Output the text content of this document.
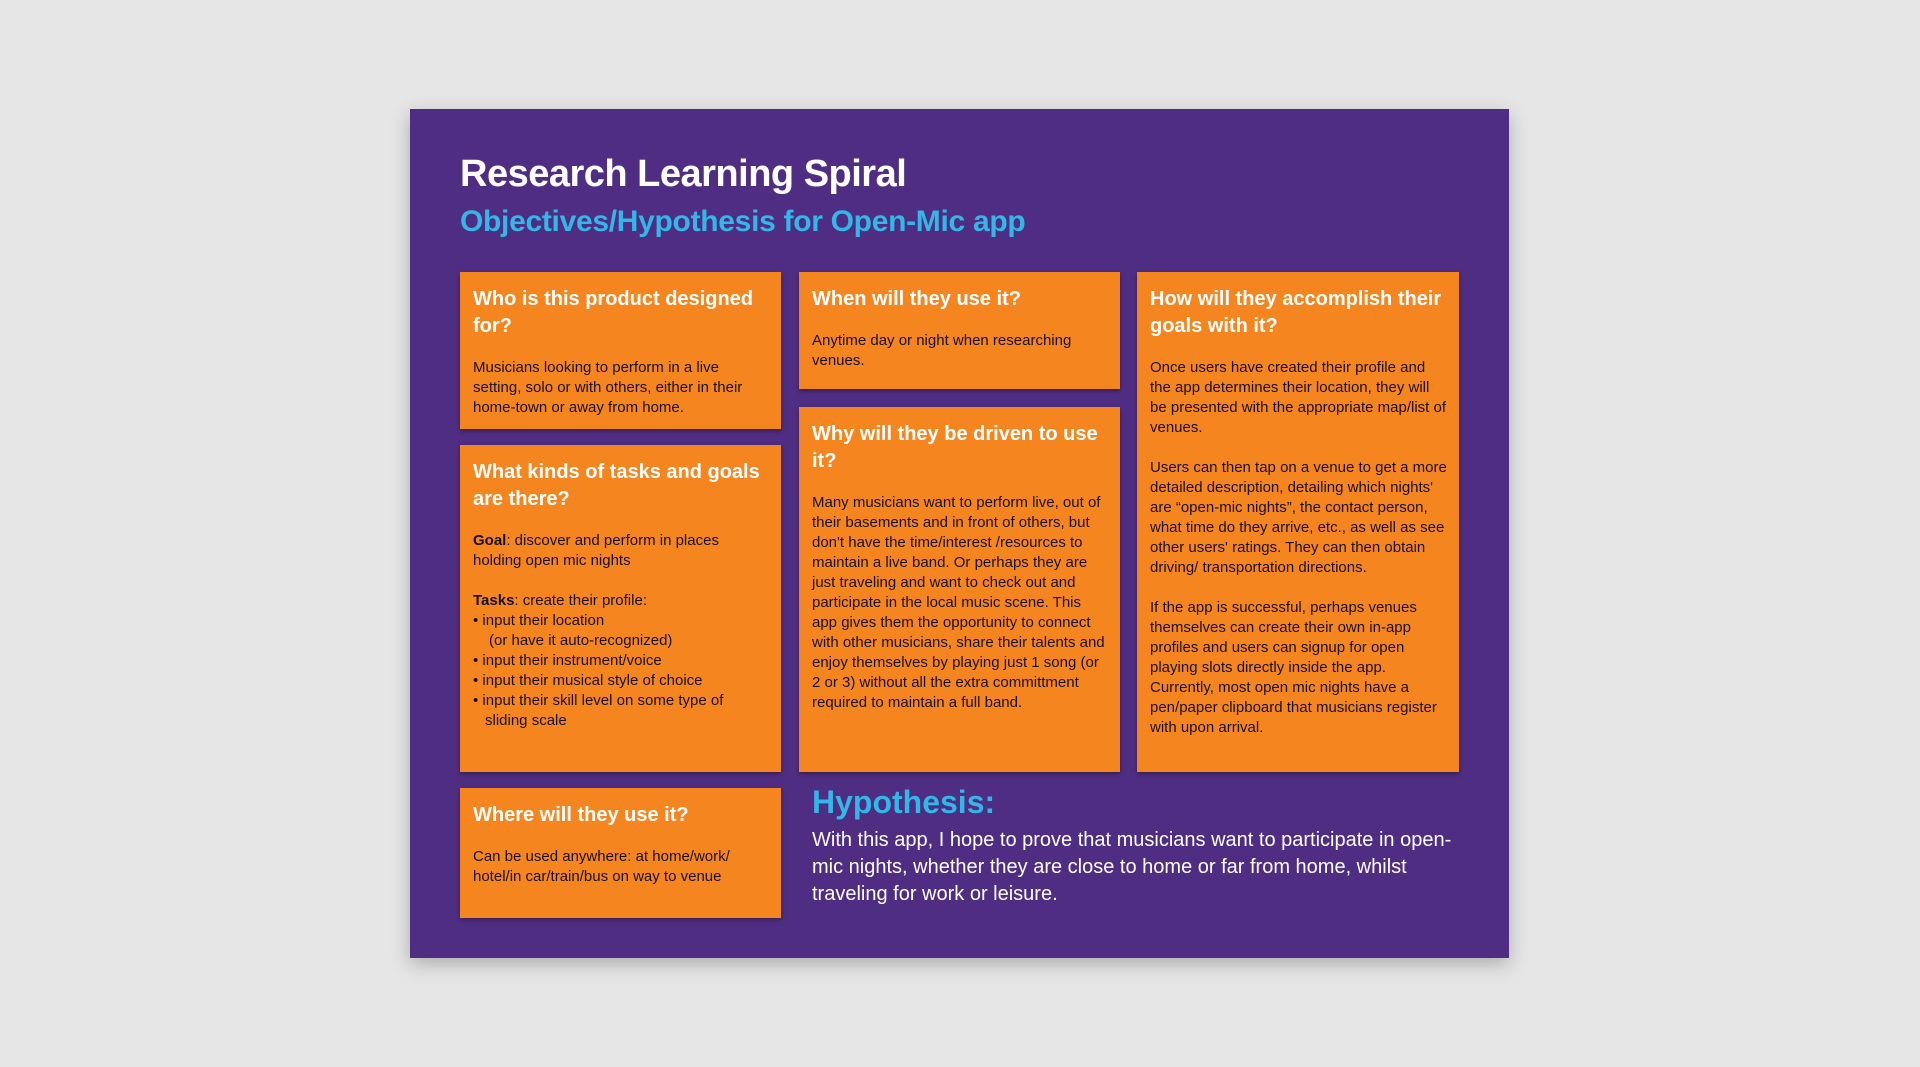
Research Learning Spiral
Objectives/Hypothesis for Open-Mic app
Who is this product designed for?

Musicians looking to perform in a live setting, solo or with others, either in their home-town or away from home.

When will they use it?

Anytime day or night when researching venues.

How will they accomplish their goals with it?

Once users have created their profile and the app determines their location, they will be presented with the appropriate map/list of venues.

Users can then tap on a venue to get a more detailed description, detailing which nights' are “open-mic nights”, the contact person, what time do they arrive, etc., as well as see other users' ratings. They can then obtain driving/ transportation directions.

If the app is successful, perhaps venues themselves can create their own in-app profiles and users can signup for open playing slots directly inside the app. Currently, most open mic nights have a pen/paper clipboard that musicians register with upon arrival.

What kinds of tasks and goals are there?

Goal: discover and perform in places holding open mic nights

Tasks: create their profile:

• input their location
(or have it auto-recognized)
• input their instrument/voice
• input their musical style of choice
• input their skill level on some type of sliding scale
Why will they be driven to use it?

Many musicians want to perform live, out of their basements and in front of others, but don't have the time/interest /resources to maintain a live band. Or perhaps they are just traveling and want to check out and participate in the local music scene. This app gives them the opportunity to connect with other musicians, share their talents and enjoy themselves by playing just 1 song (or 2 or 3) without all the extra committment required to maintain a full band.

Where will they use it?

Can be used anywhere: at home/work/ hotel/in car/train/bus on way to venue

Hypothesis:

With this app, I hope to prove that musicians want to participate in open-mic nights, whether they are close to home or far from home, whilst traveling for work or leisure.
